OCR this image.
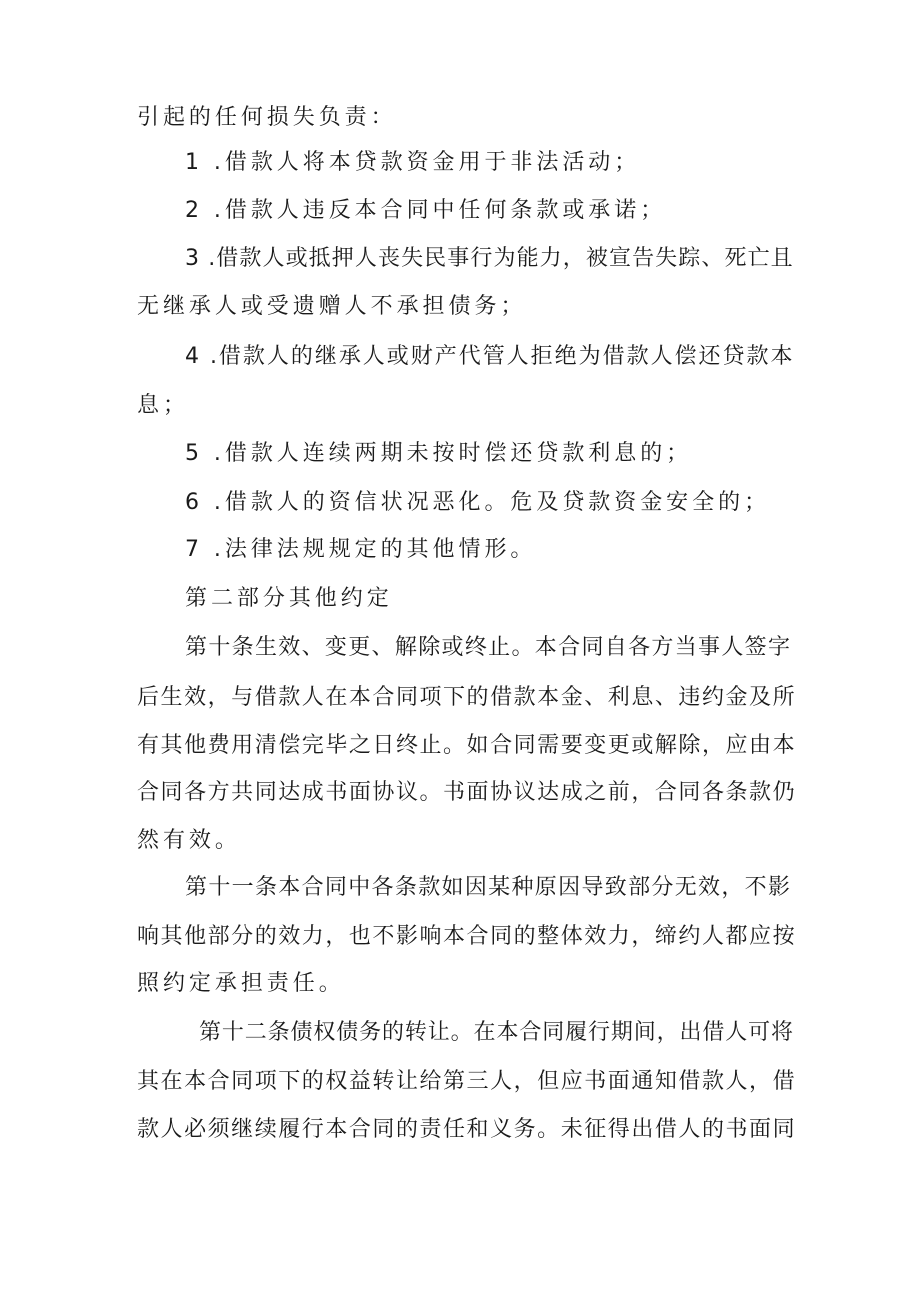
引起的任何损失负责：
1 .借款人将本贷款资金用于非法活动；
2 .借款人违反本合同中任何条款或承诺；
3 .借款人或抵押人丧失民事行为能力，被宣告失踪、死亡且
无继承人或受遗赠人不承担债务；
4 .借款人的继承人或财产代管人拒绝为借款人偿还贷款本
息；
5 .借款人连续两期未按时偿还贷款利息的；
6 .借款人的资信状况恶化。危及贷款资金安全的；
7 .法律法规规定的其他情形。
第二部分其他约定
第十条生效、变更、解除或终止。本合同自各方当事人签字
后生效，与借款人在本合同项下的借款本金、利息、违约金及所
有其他费用清偿完毕之日终止。如合同需要变更或解除，应由本
合同各方共同达成书面协议。书面协议达成之前，合同各条款仍
然有效。
第十一条本合同中各条款如因某种原因导致部分无效，不影
响其他部分的效力，也不影响本合同的整体效力，缔约人都应按
照约定承担责任。
第十二条债权债务的转让。在本合同履行期间，出借人可将
其在本合同项下的权益转让给第三人，但应书面通知借款人，借
款人必须继续履行本合同的责任和义务。未征得出借人的书面同
